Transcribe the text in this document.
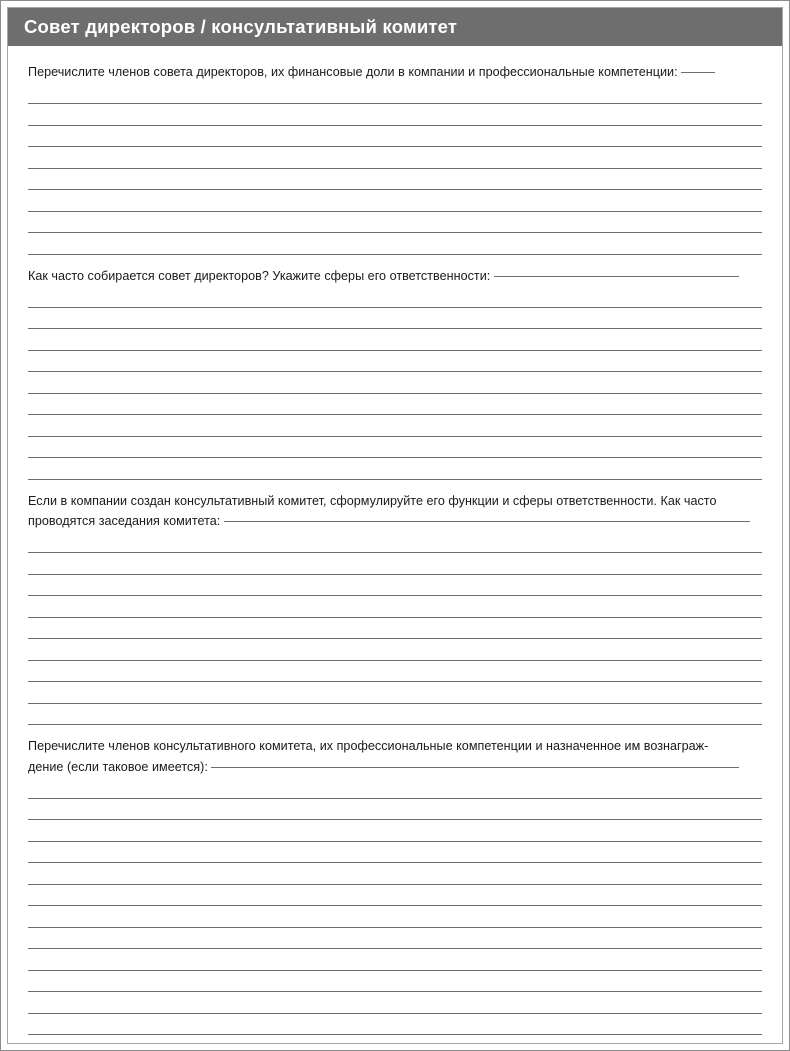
Совет директоров / консультативный комитет
Перечислите членов совета директоров, их финансовые доли в компании и профессиональные компетенции:
Как часто собирается совет директоров? Укажите сферы его ответственности:
Если в компании создан консультативный комитет, сформулируйте его функции и сферы ответственности. Как часто
проводятся заседания комитета:
Перечислите членов консультативного комитета, их профессиональные компетенции и назначенное им вознаграж-
дение (если таковое имеется):
